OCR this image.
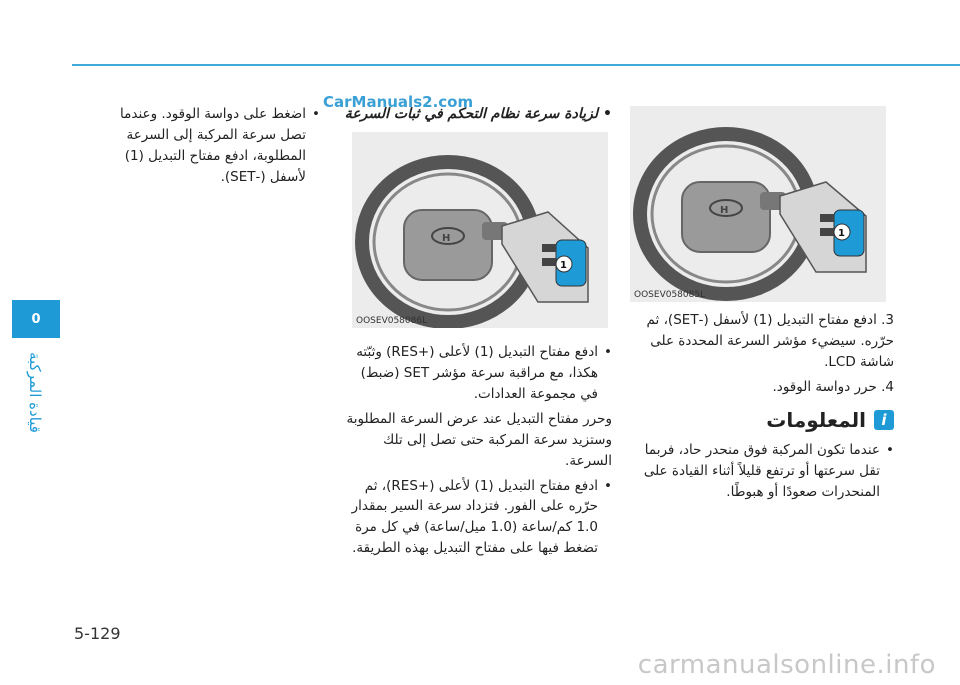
0
قيادة المركبة
CarManuals2.com

• اضغط على دواسة الوقود. وعندما تصل سرعة المركبة إلى السرعة المطلوبة، ادفع مفتاح التبديل (1) لأسفل (-SET).

• لزيادة سرعة نظام التحكم في ثبات السرعة

H
1
OOSEV058086L

• ادفع مفتاح التبديل (1) لأعلى (+RES) وثبّته هكذا، مع مراقبة سرعة مؤشر SET (ضبط) في مجموعة العدادات.

وحرر مفتاح التبديل عند عرض السرعة المطلوبة وستزيد سرعة المركبة حتى تصل إلى تلك السرعة.

• ادفع مفتاح التبديل (1) لأعلى (+RES)، ثم حرّره على الفور. فتزداد سرعة السير بمقدار 1.0 كم/ساعة (1.0 ميل/ساعة) في كل مرة تضغط فيها على مفتاح التبديل بهذه الطريقة.

H
1
OOSEV058085L

3. ادفع مفتاح التبديل (1) لأسفل (-SET)، ثم حرّره. سيضيء مؤشر السرعة المحددة على شاشة LCD.

4. حرر دواسة الوقود.

i
المعلومات

• عندما تكون المركبة فوق منحدر حاد، فربما تقل سرعتها أو ترتفع قليلاً أثناء القيادة على المنحدرات صعودًا أو هبوطًا.

5-129
carmanualsonline.info
